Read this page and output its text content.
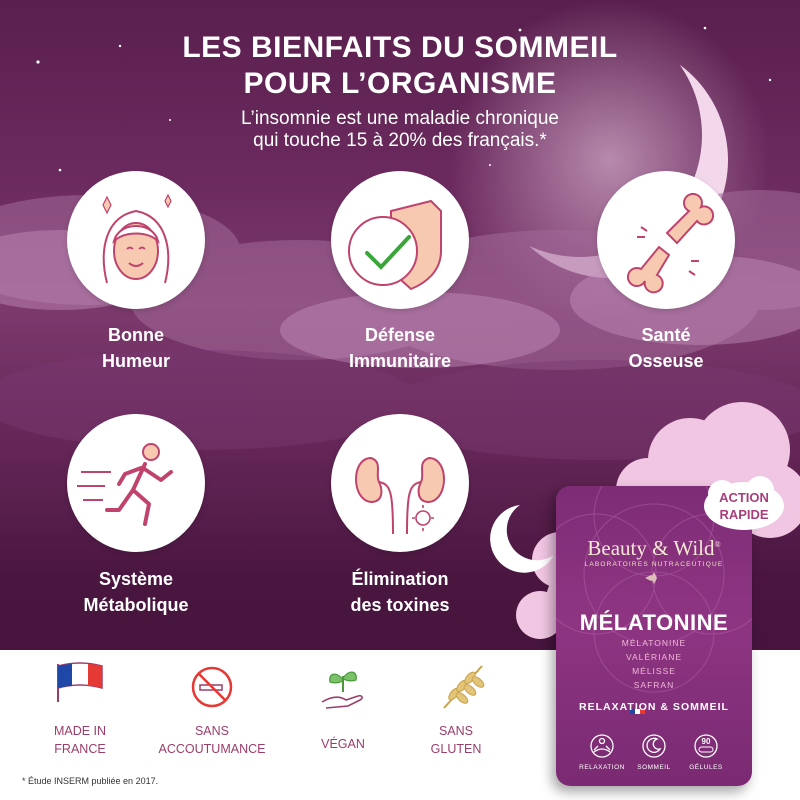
LES BIENFAITS DU SOMMEIL
POUR L’ORGANISME
L’insomnie est une maladie chronique
qui touche 15 à 20% des français.*
Bonne
Humeur
Défense
Immunitaire
Santé
Osseuse
Système
Métabolique
Élimination
des toxines
MADE IN
FRANCE
SANS
ACCOUTUMANCE	VÉGAN
SANS
GLUTEN
* Étude INSERM publiée en 2017.
90
Beauty & Wild®
LABORATOIRES NUTRACEUTIQUE
MÉLATONINE
MÉLATONINE
VALÉRIANE
MÉLISSE
SAFRAN
RELAXATION & SOMMEIL
RELAXATION	SOMMEIL	GÉLULES
ACTION
RAPIDE
